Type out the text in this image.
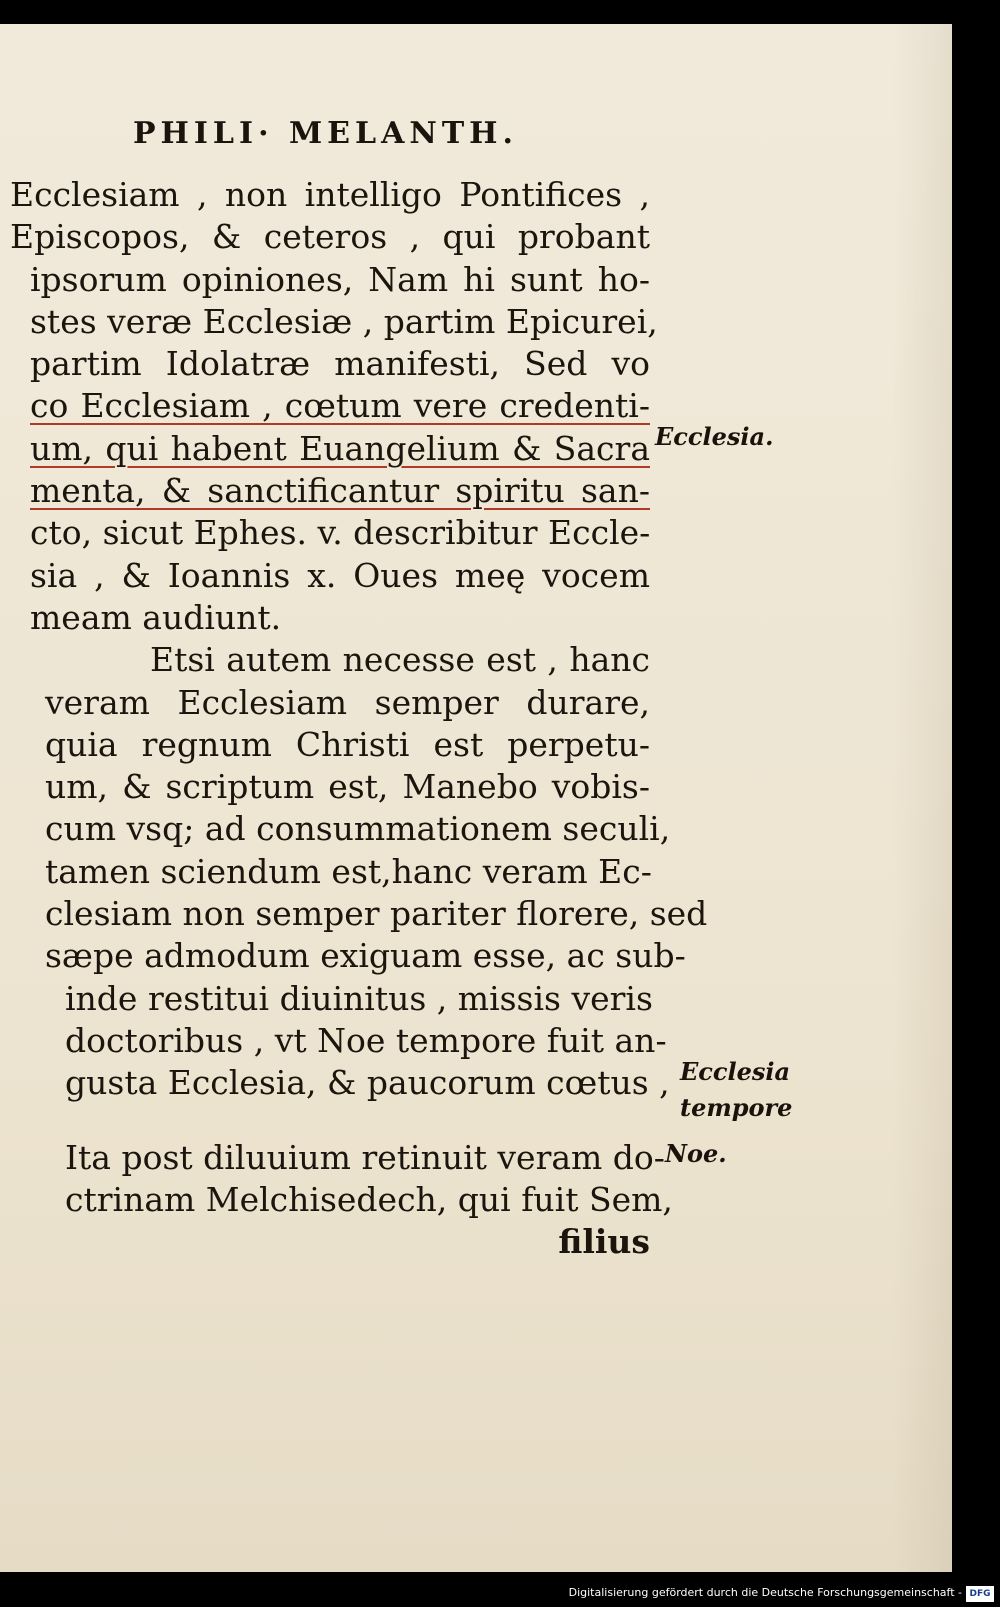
PHILI· MELANTH.
Ecclesiam , non intelligo Pontifices ,
Episcopos, & ceteros , qui probant
ipsorum opiniones, Nam hi sunt ho-
stes veræ Ecclesiæ , partim Epicurei,
partim Idolatræ manifesti, Sed vo
co Ecclesiam , cœtum vere credenti-
um, qui habent Euangelium & Sacra
menta, & sanctificantur spiritu san-
cto, sicut Ephes. v. describitur Eccle-
sia , & Ioannis x. Oues meę vocem
meam audiunt.
Etsi autem necesse est , hanc
veram Ecclesiam semper durare,
quia regnum Christi est perpetu-
um, & scriptum est, Manebo vobis-
cum vsq; ad consummationem seculi,
tamen sciendum est,hanc veram Ec-
clesiam non semper pariter florere, sed
sæpe admodum exiguam esse, ac sub-
inde restitui diuinitus , missis veris
doctoribus , vt Noe tempore fuit an-
gusta Ecclesia, & paucorum cœtus ,
Ita post diluuium retinuit veram do-
ctrinam Melchisedech, qui fuit Sem,
filius

Ecclesia.

Ecclesia

tempore

Noe.

Digitalisierung gefördert durch die Deutsche Forschungsgemeinschaft - DFG
